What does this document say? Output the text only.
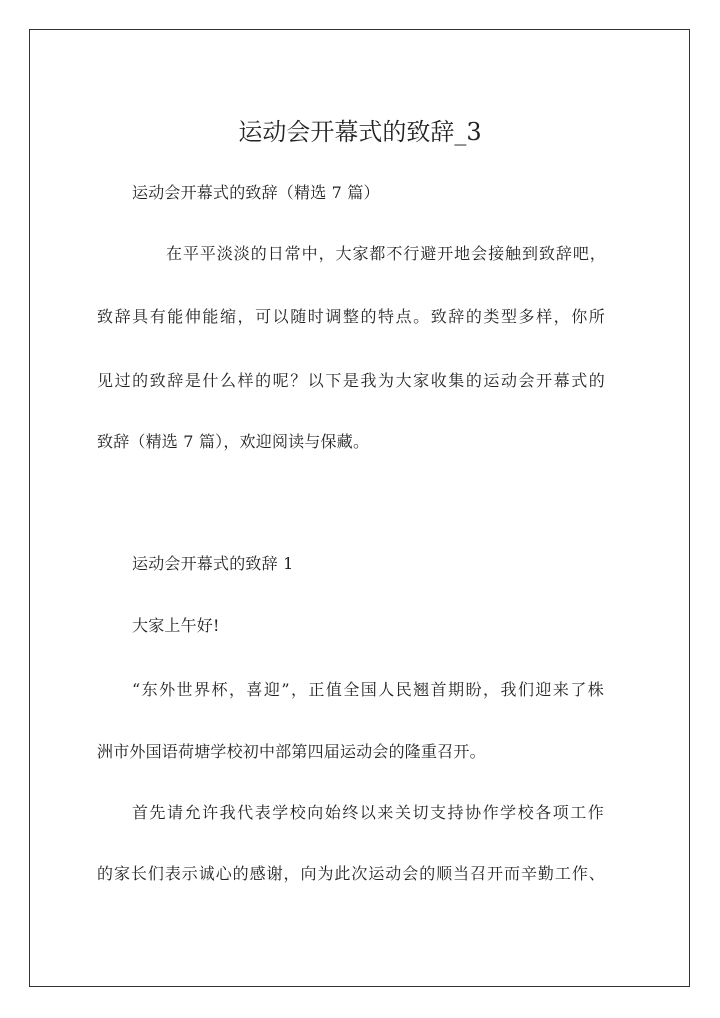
运动会开幕式的致辞_3
运动会开幕式的致辞（精选 7 篇）
在平平淡淡的日常中，大家都不行避开地会接触到致辞吧，
致辞具有能伸能缩，可以随时调整的特点。致辞的类型多样，你所
见过的致辞是什么样的呢？以下是我为大家收集的运动会开幕式的
致辞（精选 7 篇），欢迎阅读与保藏。
运动会开幕式的致辞 1
大家上午好!
“东外世界杯，喜迎”，正值全国人民翘首期盼，我们迎来了株
洲市外国语荷塘学校初中部第四届运动会的隆重召开。
首先请允许我代表学校向始终以来关切支持协作学校各项工作
的家长们表示诚心的感谢，向为此次运动会的顺当召开而辛勤工作、
